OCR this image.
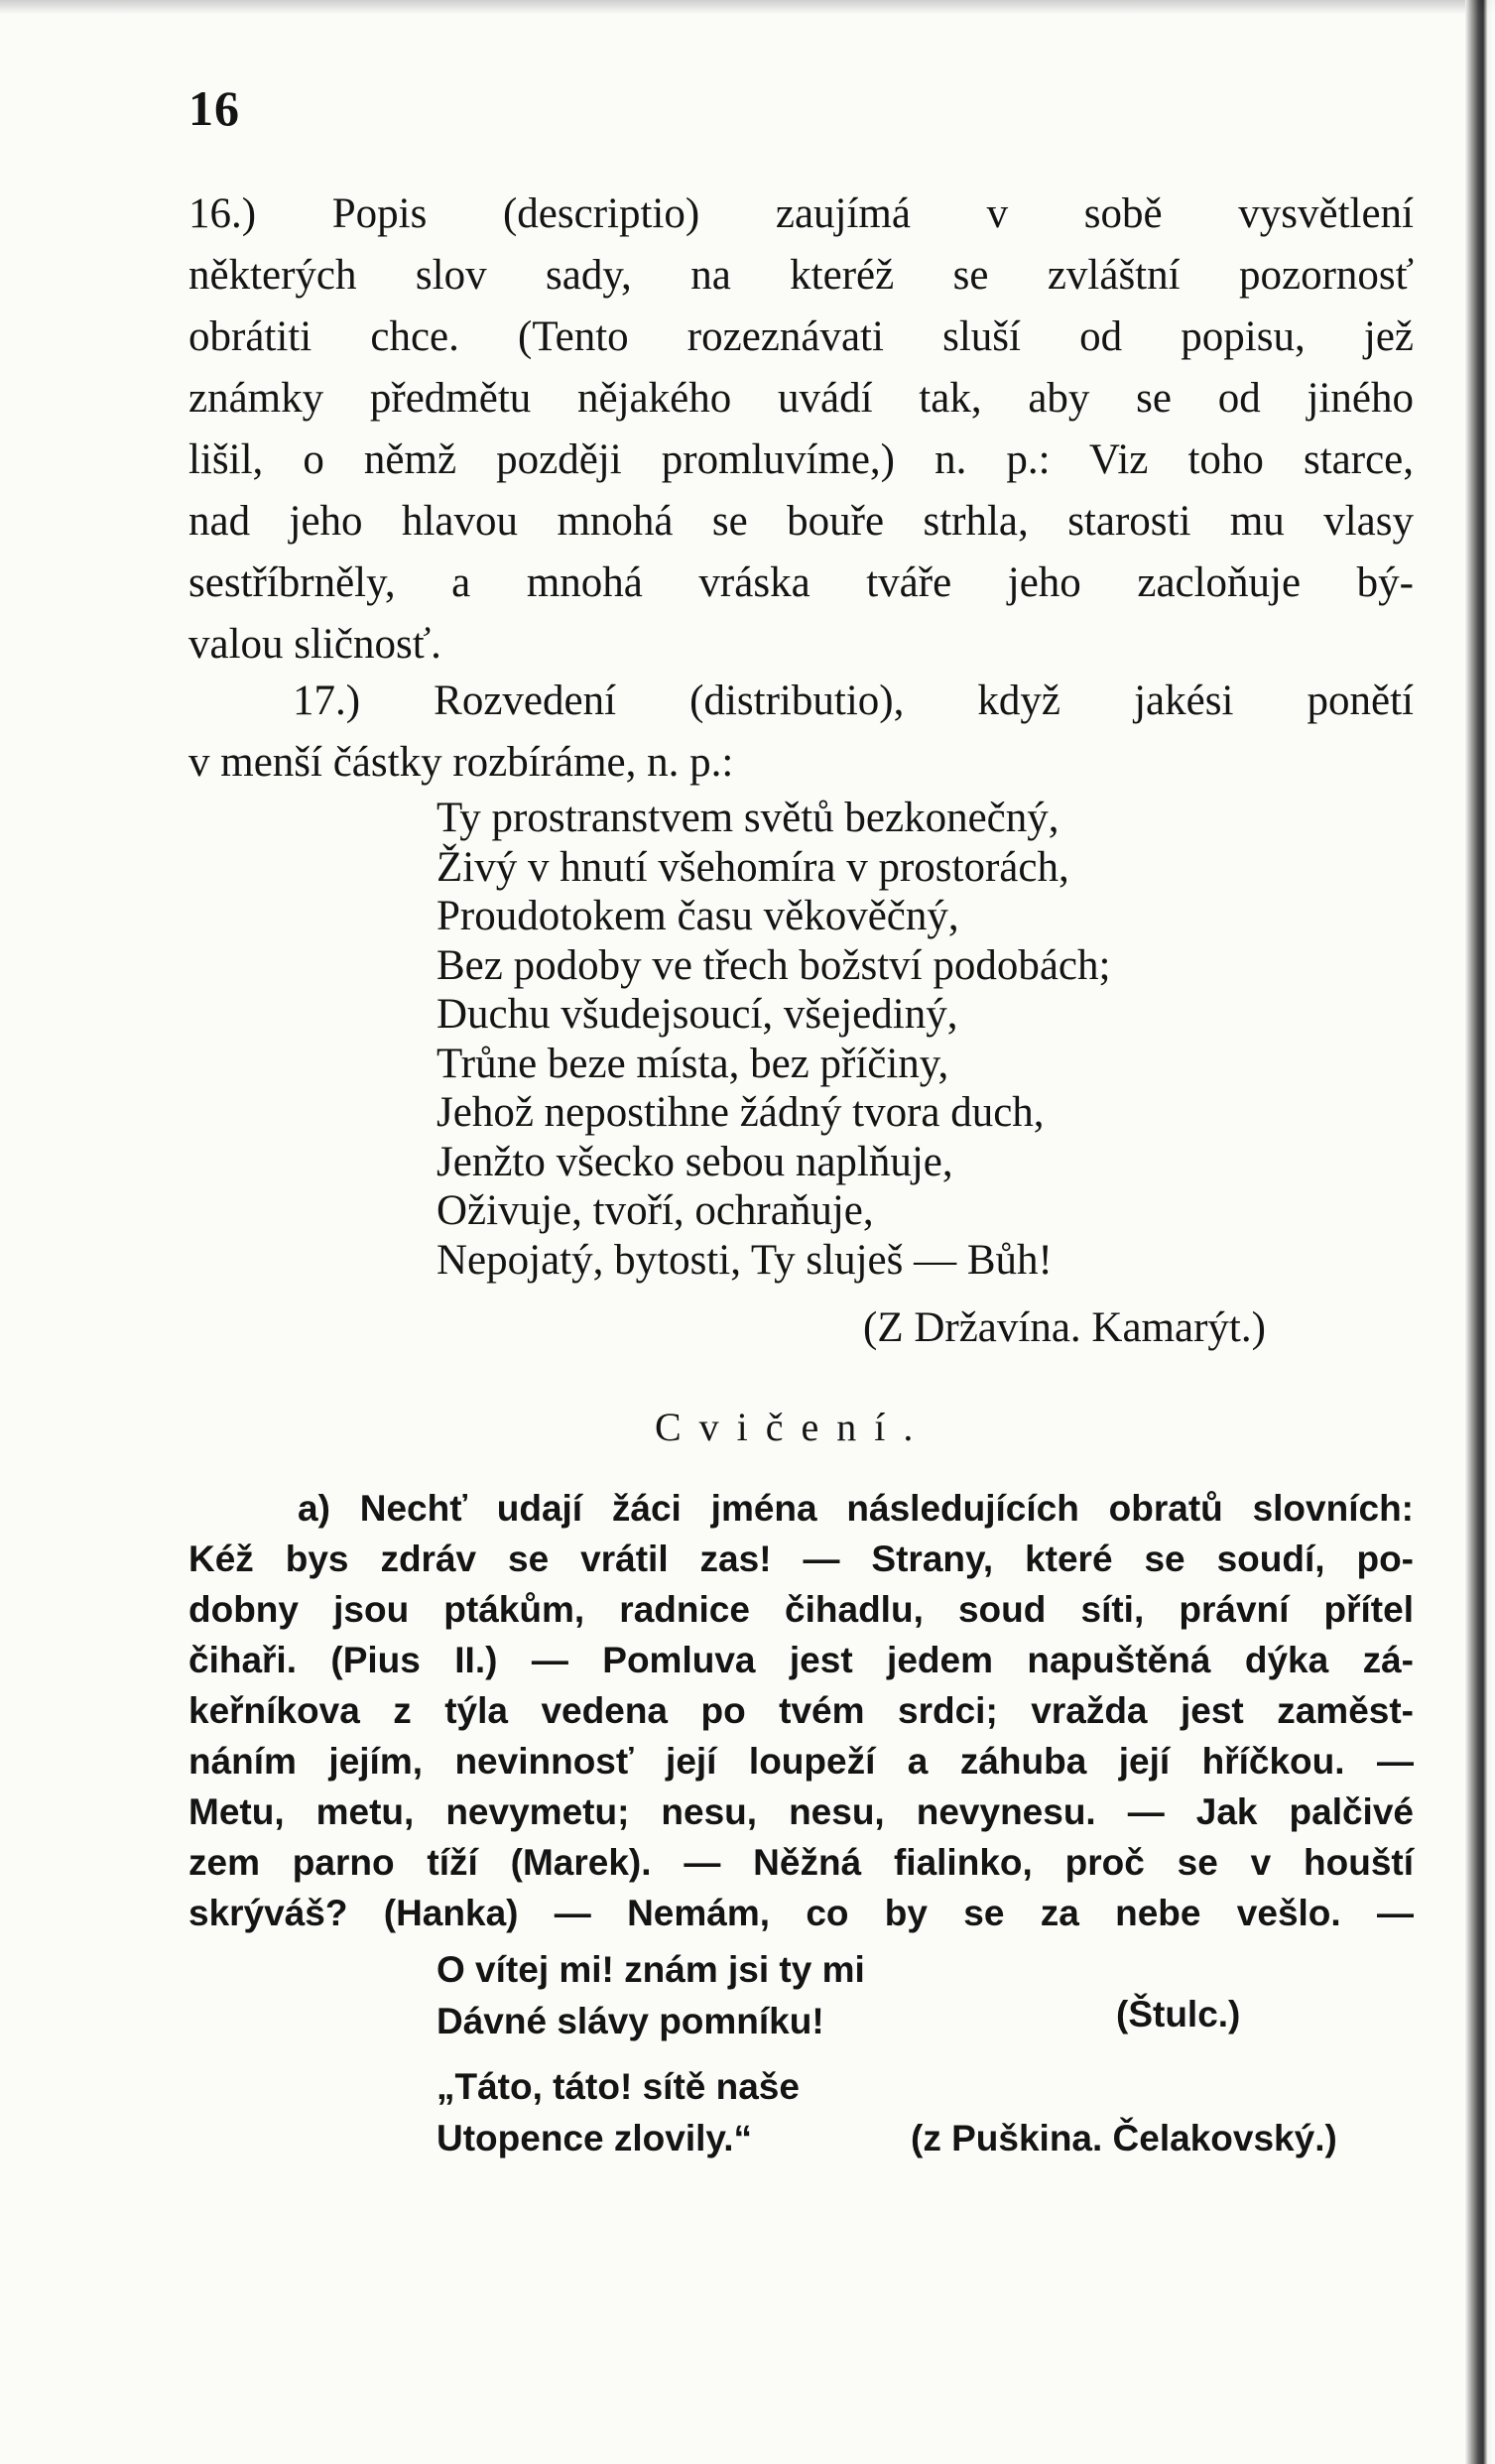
16
16.) Popis (descriptio) zaujímá v sobě vysvětlení
některých slov sady, na kteréž se zvláštní pozornosť
obrátiti chce. (Tento rozeznávati sluší od popisu, jež
známky předmětu nějakého uvádí tak, aby se od jiného
lišil, o němž později promluvíme,) n. p.: Viz toho starce,
nad jeho hlavou mnohá se bouře strhla, starosti mu vlasy
sestříbrněly, a mnohá vráska tváře jeho zacloňuje bý-
valou sličnosť.
17.) Rozvedení (distributio), když jakési ponětí
v menší částky rozbíráme, n. p.:
Ty prostranstvem světů bezkonečný,
Živý v hnutí všehomíra v prostorách,
Proudotokem času věkověčný,
Bez podoby ve třech božství podobách;
Duchu všudejsoucí, všejediný,
Trůne beze místa, bez příčiny,
Jehož nepostihne žádný tvora duch,
Jenžto všecko sebou naplňuje,
Oživuje, tvoří, ochraňuje,
Nepojatý, bytosti, Ty sluješ — Bůh!
(Z Državína. Kamarýt.)
Cvičení.
a) Nechť udají žáci jména následujících obratů slovních:
Kéž bys zdráv se vrátil zas! — Strany, které se soudí, po-
dobny jsou ptákům, radnice čihadlu, soud síti, právní přítel
čihaři. (Pius II.) — Pomluva jest jedem napuštěná dýka zá-
keřníkova z týla vedena po tvém srdci; vražda jest zaměst-
náním jejím, nevinnosť její loupeží a záhuba její hříčkou. —
Metu, metu, nevymetu; nesu, nesu, nevynesu. — Jak palčivé
zem parno tíží (Marek). — Něžná fialinko, proč se v houští
skrýváš? (Hanka) — Nemám, co by se za nebe vešlo. —
O vítej mi! znám jsi ty mi
Dávné slávy pomníku!	(Štulc.)
„Táto, táto! sítě naše
Utopence zlovily.“	(z Puškina. Čelakovský.)
